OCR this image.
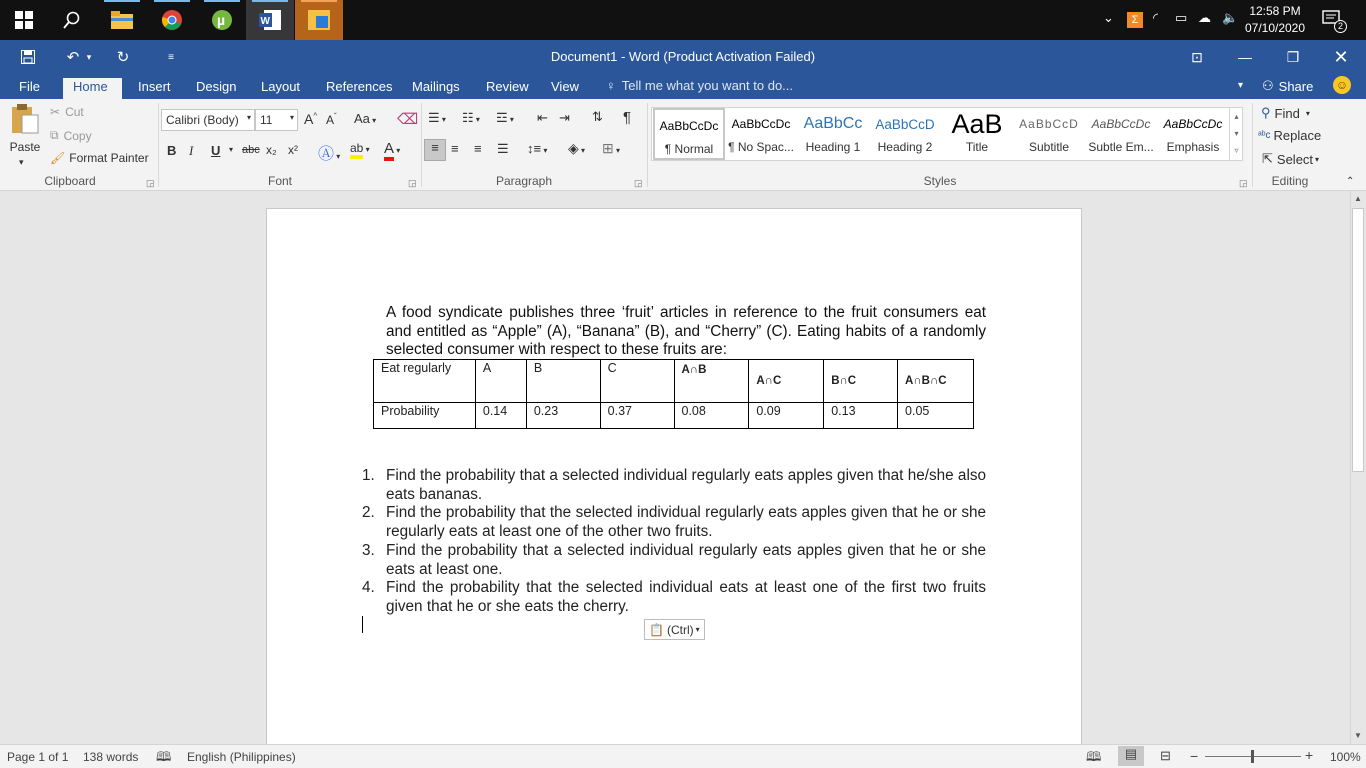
µ	W	⌄	Σ	◜ ▭ ☁ 🔈 12:58 PM
07/10/2020	2
↶ ▾ ↻	≡	Document1 - Word (Product Activation Failed)	⊡	— ❐ ✕
File	Home	Insert	Design	Layout	References	Mailings	Review	View	♀ Tell me what you want to do...	▾ ⚇ Share ☺
Paste
▾
✂ Cut
⧉ Copy
🖌 Format Painter
Clipboard	◲
Calibri (Body) ▾ 11 ▾ A^ $A^ˇ$ Aa ▾ ⌫
B I U ▾ abc x₂ x² Ⓐ ▾
ab ▾ A ▾
Font	◲
☰ ▾ ☷ ▾ ☲ ▾ ⇤ ⇥ ⇅ ¶
≡ ≡ ≡ ☰ ↕≡ ▾ ◈ ▾ ⊞ ▾
Paragraph	◲
AaBbCcDc
¶ Normal
AaBbCcDc
¶ No Spac...
AaBbCc
Heading 1
AaBbCcD
Heading 2
AaB
Title
AaBbCcD
Subtitle
AaBbCcDc
Subtle Em...
AaBbCcDc
Emphasis
▴
▾
▿
Styles	◲
⚲ Find ▾
ᵃᵇc Replace
⇱ Select ▾
Editing	⌃
A food syndicate publishes three ‘fruit’ articles in reference to the fruit consumers eat and entitled as “Apple” (A), “Banana” (B), and “Cherry” (C). Eating habits of a randomly selected consumer with respect to these fruits are:
Eat regularly	A	B	C	A∩B	A∩C	B∩C	A∩B∩C
Probability	0.14	0.23	0.37	0.08	0.09	0.13	0.05
1. Find the probability that a selected individual regularly eats apples given that he/she also eats bananas.
2. Find the probability that the selected individual regularly eats apples given that he or she regularly eats at least one of the other two fruits.
3. Find the probability that a selected individual regularly eats apples given that he or she eats at least one.
4. Find the probability that the selected individual eats at least one of the first two fruits given that he or she eats the cherry.
📋 (Ctrl) ▾
▲
▼
Page 1 of 1 138 words 🕮 English (Philippines)	🕮	▤	⊟ −	+ 100%
